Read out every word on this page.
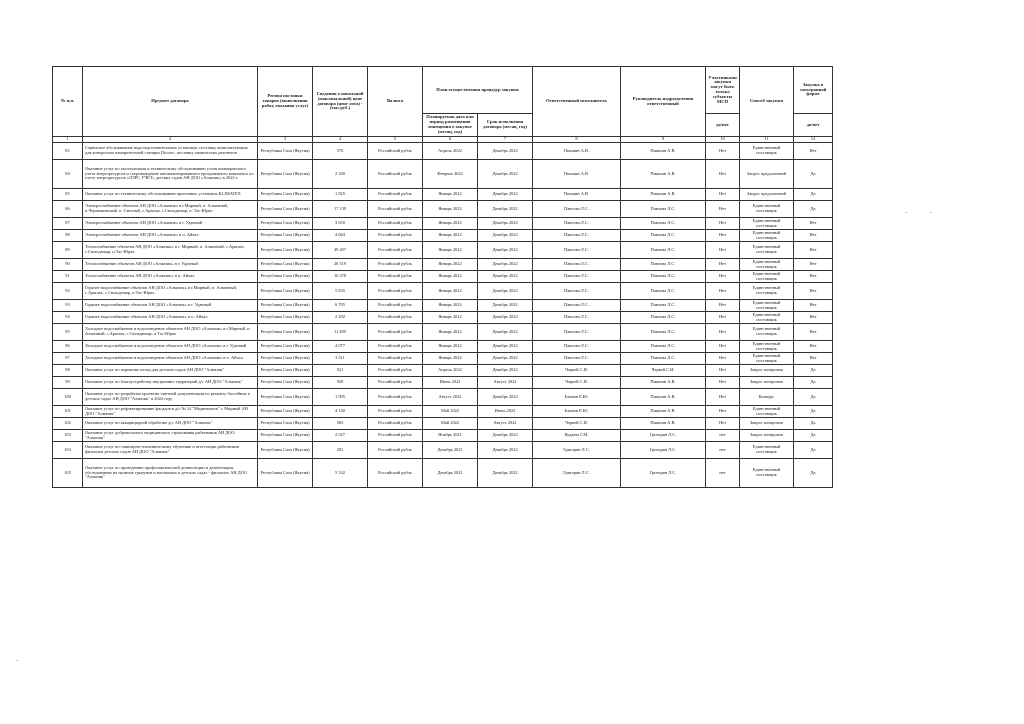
№ п.п.	Предмет договора	Регион поставки товаров (выполнения работ, оказания услуг)	Сведения о начальной (максимальной) цене договора (цене лота) - (тыс.руб.)	Валюта	План осуществления процедур закупки		Ответственный исполнитель	Руководитель подразделения ответственный	Участниками закупки могут быть только субъекты МСП	Способ закупки	Закупка в электронной форме
					Планируемая дата или период размещения извещения о закупке (месяц, год)	Срок исполнения договора (месяц, год)			да/нет		да/нет
1	2	3	4	5	6	7	8	9	10	11	12
83	Сервисное обслуживание водоподготовительных установок, поставку комплектующих для контрольно измерительной станции Dicotec, поставку химических реагентов	Республика Саха (Якутия)	576	Российский рубль	Апрель 2022	Декабрь 2022	Пикшин А.В.	Пикшин А.В.	Нет	Единственный поставщик	Нет
84	Оказание услуг по эксплуатации и техническому обслуживанию узлов коммерческого учета энергоресурсов и сопровождение автоматизированного программного комплекса по учету энергоресурсов «ЛЭРС УЧЕТ» детских садов АН ДОО «Алмазик» в 2022 г.	Республика Саха (Якутия)	2 340	Российский рубль	Февраль 2022	Декабрь 2022	Пикшин А.В.	Пикшин А.В.	Нет	Запрос предложений	Да
85	Оказание услуг по техническому обслуживанию приточных установок KLIMATEX	Республика Саха (Якутия)	1 825	Российский рубль	Январь 2022	Декабрь 2022	Пикшин А.В.	Пикшин А.В.	Нет	Запрос предложений	Да
86	Электроснабжение объектов АН ДОО «Алмазик» в г.Мирный, п. Алмазный, п.Чернышевский, п. Светлый, с.Арылах, с.Сюльдюкар, п. Тас-Юрях	Республика Саха (Якутия)	17 139	Российский рубль	Январь 2022	Декабрь 2022	Павлова Л.С.	Павлова Л.С.	Нет	Единственный поставщик	Да
87	Электроснабжение объектов АН ДОО «Алмазик» в г. Удачный	Республика Саха (Якутия)	3 650	Российский рубль	Январь 2022	Декабрь 2022	Павлова Л.С.	Павлова Л.С.	Нет	Единственный поставщик	Нет
88	Электроснабжение объектов АН ДОО «Алмазик» в п. Айхал	Республика Саха (Якутия)	4 664	Российский рубль	Январь 2022	Декабрь 2022	Павлова Л.С.	Павлова Л.С.	Нет	Единственный поставщик	Нет
89	Теплоснабжение объектов АН ДОО «Алмазик» в г. Мирный, п. Алмазный, с.Арылах, с.Сюльдюкар, п.Тас-Юрях	Республика Саха (Якутия)	49 457	Российский рубль	Январь 2022	Декабрь 2022	Павлова Л.С.	Павлова Л.С.	Нет	Единственный поставщик	Нет
90	Теплоснабжение объектов АН ДОО «Алмазик» в г. Удачный	Республика Саха (Якутия)	26 519	Российский рубль	Январь 2022	Декабрь 2022	Павлова Л.С.	Павлова Л.С.	Нет	Единственный поставщик	Нет
91	Теплоснабжение объектов АН ДОО «Алмазик» в п. Айхал	Республика Саха (Якутия)	10 478	Российский рубль	Январь 2022	Декабрь 2022	Павлова Л.С.	Павлова Л.С.	Нет	Единственный поставщик	Нет
92	Горячее водоснабжение объектов АН ДОО «Алмазик» в г.Мирный, п. Алмазный, с.Арылах, с.Сюльдюкар, п.Тас-Юрях	Республика Саха (Якутия)	5 635	Российский рубль	Январь 2022	Декабрь 2022	Павлова Л.С.	Павлова Л.С.	Нет	Единственный поставщик	Нет
93	Горячее водоснабжение объектов АН ДОО «Алмазик» в г. Удачный	Республика Саха (Якутия)	6 705	Российский рубль	Январь 2022	Декабрь 2022	Павлова Л.С.	Павлова Л.С.	Нет	Единственный поставщик	Нет
94	Горячее водоснабжение объектов АН ДОО «Алмазик» в п. Айхал	Республика Саха (Якутия)	2 292	Российский рубль	Январь 2022	Декабрь 2022	Павлова Л.С.	Павлова Л.С.	Нет	Единственный поставщик	Нет
95	Холодное водоснабжение и водоотведение объектов АН ДОО «Алмазик» в г.Мирный, п. Алмазный, с.Арылах, с.Сюльдюкар, п.Тас-Юрях	Республика Саха (Якутия)	11 499	Российский рубль	Январь 2022	Декабрь 2022	Павлова Л.С.	Павлова Л.С.	Нет	Единственный поставщик	Нет
96	Холодное водоснабжение и водоотведение объектов АН ДОО «Алмазик» в г. Удачный	Республика Саха (Якутия)	4 077	Российский рубль	Январь 2022	Декабрь 2022	Павлова Л.С.	Павлова Л.С.	Нет	Единственный поставщик	Нет
97	Холодное водоснабжение и водоотведение объектов АН ДОО «Алмазик» в п. Айхал	Республика Саха (Якутия)	3 511	Российский рубль	Январь 2022	Декабрь 2022	Павлова Л.С.	Павлова Л.С.	Нет	Единственный поставщик	Нет
98	Оказание услуг по перевозке песка для детских садов АН ДОО "Алмазик"	Республика Саха (Якутия)	921	Российский рубль	Апрель 2022	Декабрь 2022	Черкей С.И.	Черкей С.И.	Нет	Запрос котировок	Да
99	Оказание услуг по благоустройству внутренних территорий д/с АН ДОО "Алмазик"	Республика Саха (Якутия)	928	Российский рубль	Июнь 2022	Август 2022	Черкей С.И.	Пикшин А.В.	Нет	Запрос котировок	Да
100	Оказание услуг по разработке проектно-сметной документации по ремонту бассейнов в детских садах АН ДОО "Алмазик" в 2022 году	Республика Саха (Якутия)	1 905	Российский рубль	Август 2022	Декабрь 2022	Блинов Е.Ю.	Пикшин А.В.	Нет	Конкурс	Да
101	Оказание услуг по рефлектированию фасадов в д/с № 14 "Медвежонок" г. Мирный АН ДОО "Алмазик"	Республика Саха (Якутия)	4 140	Российский рубль	Май 2022	Июнь 2022	Блинов Е.Ю.	Пикшин А.В.	Нет	Единственный поставщик	Да
102	Оказание услуг по аккарицидной обработке д/с АН ДОО "Алмазик"	Республика Саха (Якутия)	583	Российский рубль	Май 2022	Август 2022	Черкей С.И.	Пикшин А.В.	Нет	Запрос котировок	Да
103	Оказание услуг добровольного медицинского страхования работников АН ДОО "Алмазик"	Республика Саха (Якутия)	2 027	Российский рубль	Ноябрь 2021	Декабрь 2022	Кудаева Г.М.	Григорян Л.С.	нет	Запрос котировок	Да
104	Оказание услуг по санитарно-гигиеническому обучению и аттестации работников филиалов детских садов АН ДОО "Алмазик"	Республика Саха (Якутия)	281	Российский рубль	Декабрь 2021	Декабрь 2022	Григорян Л.С.	Григорян Л.С.	нет	Единственный поставщик	Да
105	Оказание услуг по проведению профилактической дезинсекции и дезинсекции, обследованию на наличие грызунов и насекомых в детских садах - филиалах АН ДОО "Алмазик"	Республика Саха (Якутия)	5 332	Российский рубль	Декабрь 2021	Декабрь 2022	Григорян Л.С.	Григорян Л.С.	нет	Единственный поставщик	Да
